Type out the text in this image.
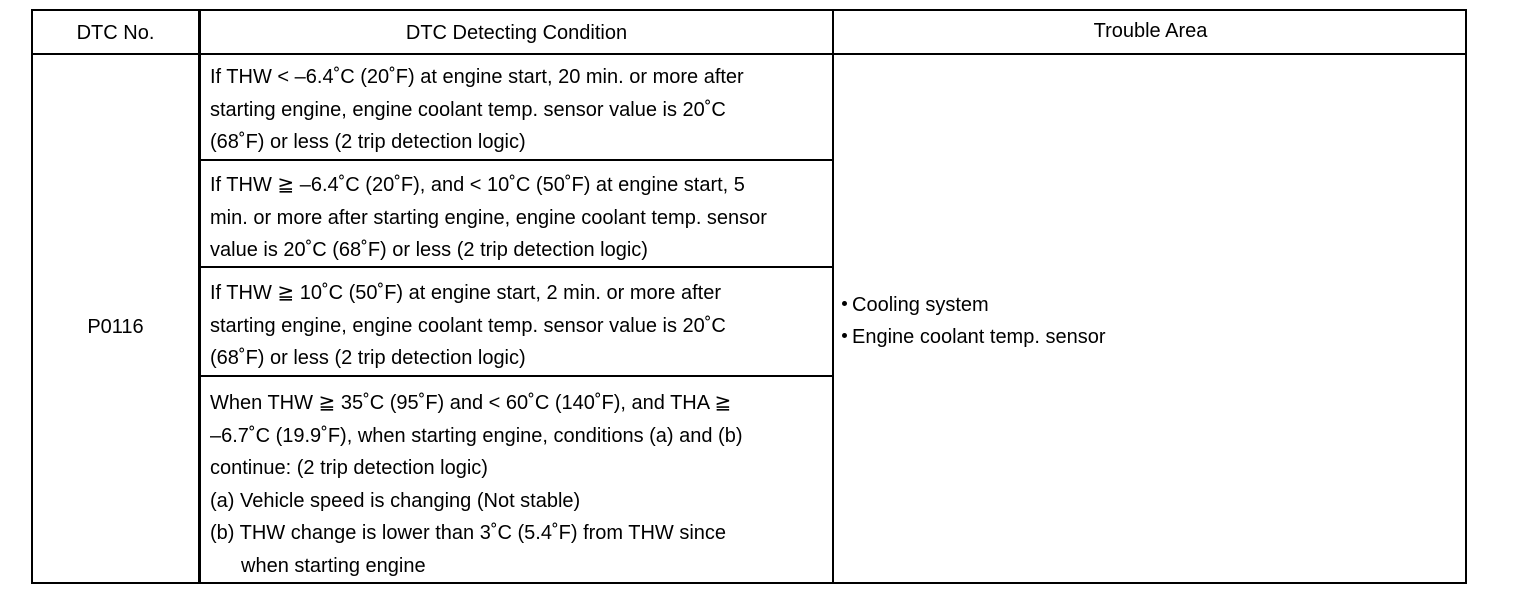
DTC No.	DTC Detecting Condition	Trouble Area
P0116
If THW < –6.4˚C (20˚F) at engine start, 20 min. or more after
starting engine, engine coolant temp. sensor value is 20˚C
(68˚F) or less (2 trip detection logic)
If THW ≧ –6.4˚C (20˚F), and < 10˚C (50˚F) at engine start, 5
min. or more after starting engine, engine coolant temp. sensor
value is 20˚C (68˚F) or less (2 trip detection logic)
If THW ≧ 10˚C (50˚F) at engine start, 2 min. or more after
starting engine, engine coolant temp. sensor value is 20˚C
(68˚F) or less (2 trip detection logic)
When THW ≧ 35˚C (95˚F) and < 60˚C (140˚F), and THA ≧
–6.7˚C (19.9˚F), when starting engine, conditions (a) and (b)
continue: (2 trip detection logic)
(a) Vehicle speed is changing (Not stable)
(b) THW change is lower than 3˚C (5.4˚F) from THW since
when starting engine
Cooling system
Engine coolant temp. sensor
